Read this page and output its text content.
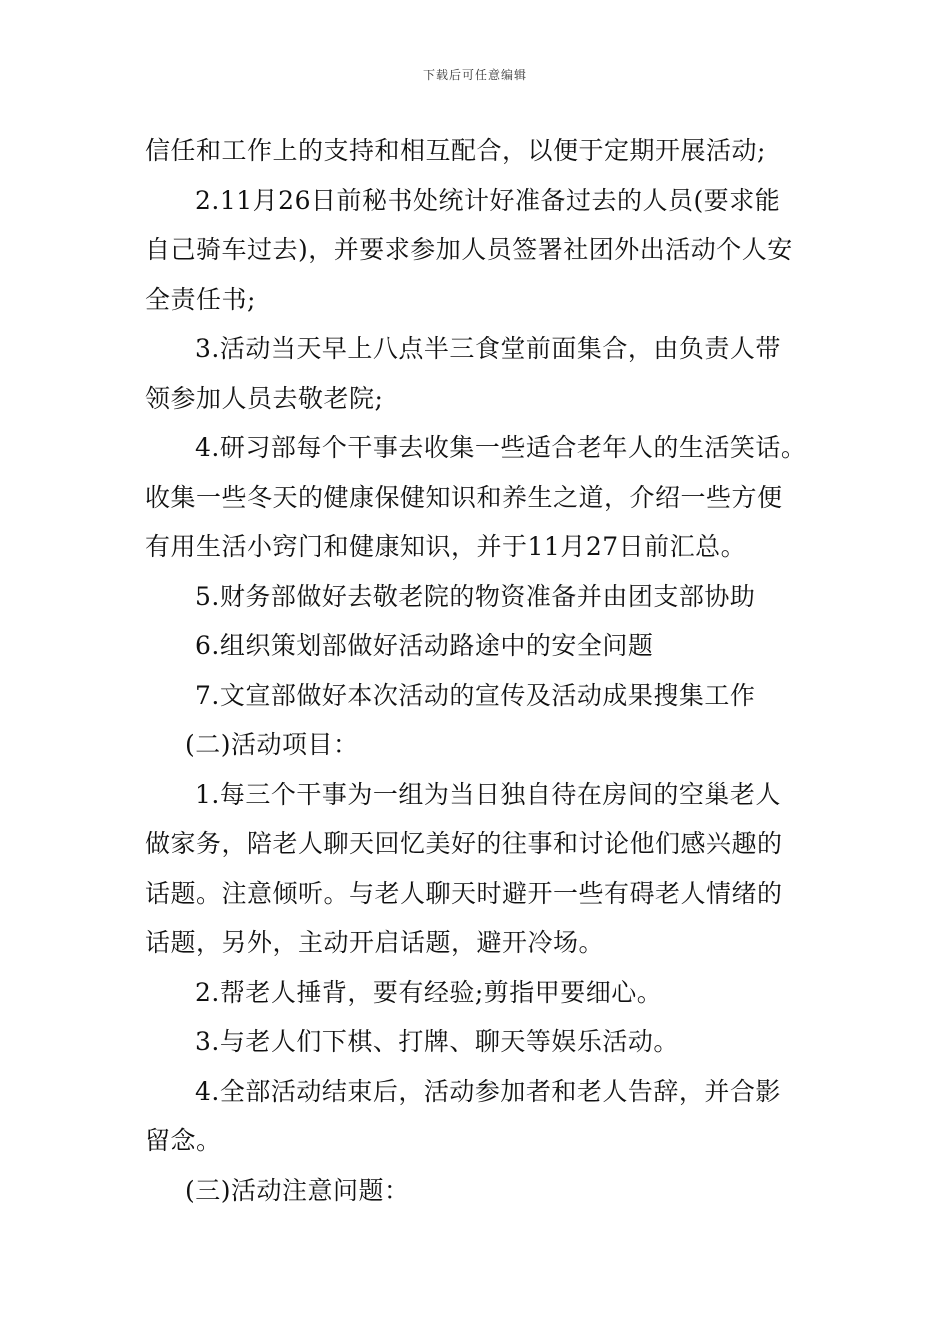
下载后可任意编辑

信任和工作上的支持和相互配合，以便于定期开展活动;

2.11月26日前秘书处统计好准备过去的人员(要求能

自己骑车过去)，并要求参加人员签署社团外出活动个人安

全责任书;

3.活动当天早上八点半三食堂前面集合，由负责人带

领参加人员去敬老院;

4.研习部每个干事去收集一些适合老年人的生活笑话。

收集一些冬天的健康保健知识和养生之道，介绍一些方便

有用生活小窍门和健康知识，并于11月27日前汇总。

5.财务部做好去敬老院的物资准备并由团支部协助

6.组织策划部做好活动路途中的安全问题

7.文宣部做好本次活动的宣传及活动成果搜集工作

(二)活动项目：

1.每三个干事为一组为当日独自待在房间的空巢老人

做家务，陪老人聊天回忆美好的往事和讨论他们感兴趣的

话题。注意倾听。与老人聊天时避开一些有碍老人情绪的

话题，另外，主动开启话题，避开冷场。

2.帮老人捶背，要有经验;剪指甲要细心。

3.与老人们下棋、打牌、聊天等娱乐活动。

4.全部活动结束后，活动参加者和老人告辞，并合影

留念。

(三)活动注意问题：
